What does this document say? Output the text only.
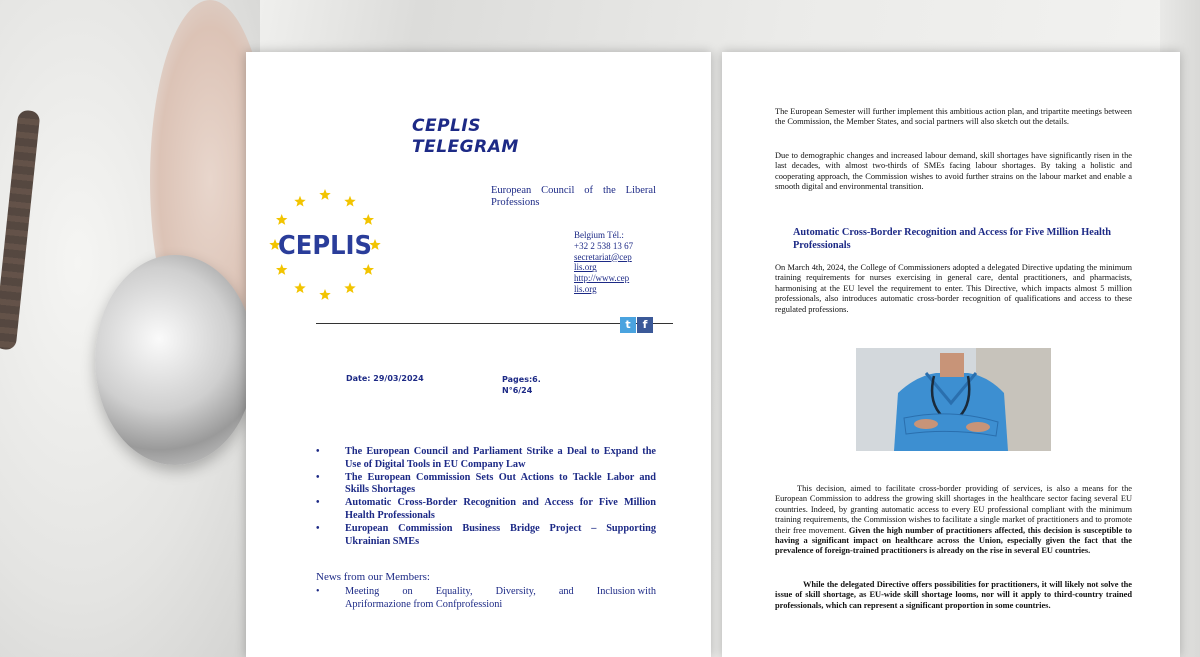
CEPLIS
TELEGRAM
CEPLIS
European Council of the Liberal Professions
Belgium Tél.:
+32 2 538 13 67
secretariat@cep
lis.org
http://www.cep
lis.org
t	f
Date: 29/03/2024	Pages:6.
N°6/24
• The European Council and Parliament Strike a Deal to Expand the Use of Digital Tools in EU Company Law
• The European Commission Sets Out Actions to Tackle Labor and Skills Shortages
• Automatic Cross-Border Recognition and Access for Five Million Health Professionals
• European Commission Business Bridge Project – Supporting Ukrainian SMEs
News from our Members:
• Meeting on Equality, Diversity, and Inclusion with
Apriformazione from Confprofessioni

The European Semester will further implement this ambitious action plan, and tripartite meetings between the Commission, the Member States, and social partners will also sketch out the details.

Due to demographic changes and increased labour demand, skill shortages have significantly risen in the last decades, with almost two-thirds of SMEs facing labour shortages. By taking a holistic and cooperating approach, the Commission wishes to avoid further strains on the labour market and enable a smooth digital and environmental transition.

Automatic Cross-Border Recognition and Access for Five Million Health Professionals

On March 4th, 2024, the College of Commissioners adopted a delegated Directive updating the minimum training requirements for nurses exercising in general care, dental practitioners, and pharmacists, harmonising at the EU level the requirement to enter. This Directive, which impacts almost 5 million professionals, also introduces automatic cross-border recognition of qualifications and access to these regulated professions.

This decision, aimed to facilitate cross-border providing of services, is also a means for the European Commission to address the growing skill shortages in the healthcare sector facing several EU countries. Indeed, by granting automatic access to every EU professional compliant with the minimum training requirements, the Commission wishes to facilitate a single market of practitioners and to promote their free movement. Given the high number of practitioners affected, this decision is susceptible to having a significant impact on healthcare across the Union, especially given the fact that the prevalence of foreign-trained practitioners is already on the rise in several EU countries.

While the delegated Directive offers possibilities for practitioners, it will likely not solve the issue of skill shortage, as EU-wide skill shortage looms, nor will it apply to third-country trained professionals, which can represent a significant proportion in some countries.
